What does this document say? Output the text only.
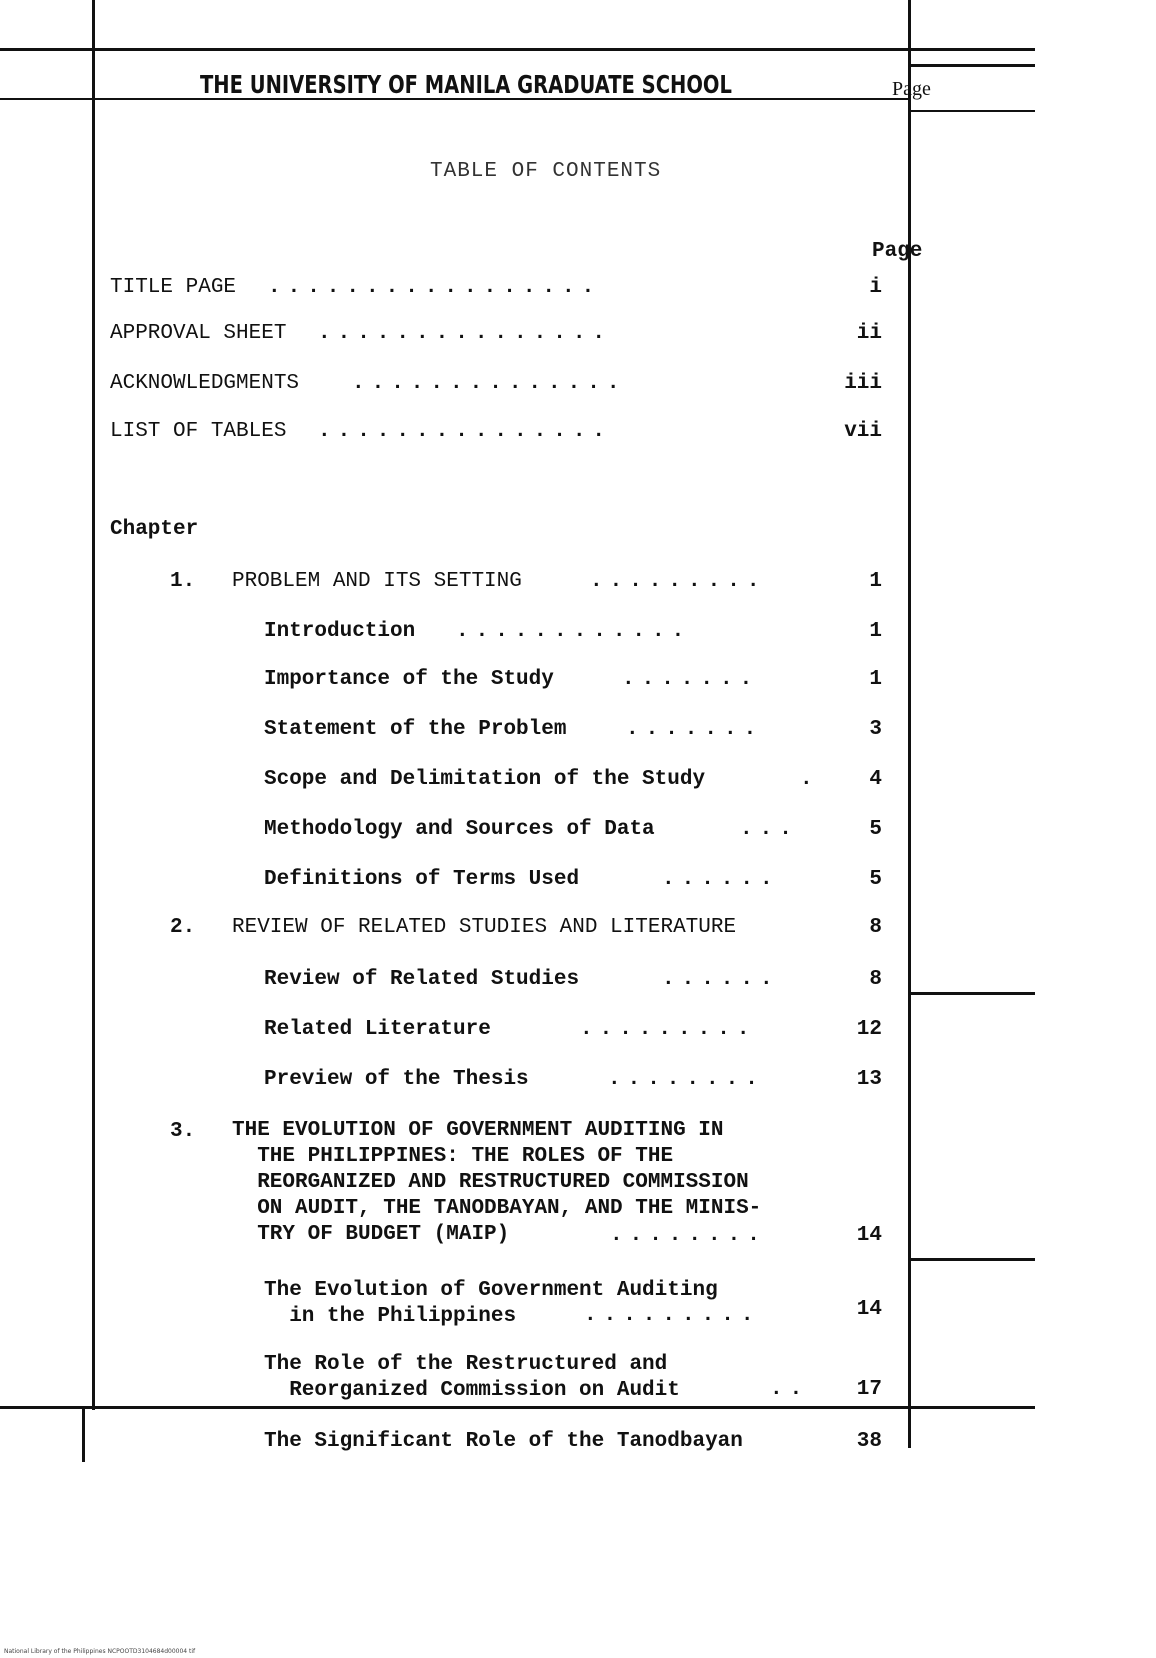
THE UNIVERSITY OF MANILA GRADUATE SCHOOL	Page
TABLE OF CONTENTS
Page
TITLE PAGE .................	i
APPROVAL SHEET ...............	ii
ACKNOWLEDGMENTS	..............	iii
LIST OF TABLES ...............	vii
Chapter
1. PROBLEM AND ITS SETTING	.........	1
Introduction ............	1
Importance of the Study	.......	1
Statement of the Problem	.......	3
Scope and Delimitation of the Study	.	4
Methodology and Sources of Data	...	5
Definitions of Terms Used	......	5
2. REVIEW OF RELATED STUDIES AND LITERATURE	8
Review of Related Studies	......	8
Related Literature	.........	12
Preview of the Thesis	........	13
3. THE EVOLUTION OF GOVERNMENT AUDITING IN
THE PHILIPPINES: THE ROLES OF THE
REORGANIZED AND RESTRUCTURED COMMISSION
ON AUDIT, THE TANODBAYAN, AND THE MINIS-
TRY OF BUDGET (MAIP)	........	14
The Evolution of Government Auditing
in the Philippines	.........	14
The Role of the Restructured and
Reorganized Commission on Audit	..	17
The Significant Role of the Tanodbayan	38
National Library of the Philippines NCPOOTD3104684d00004 tif
